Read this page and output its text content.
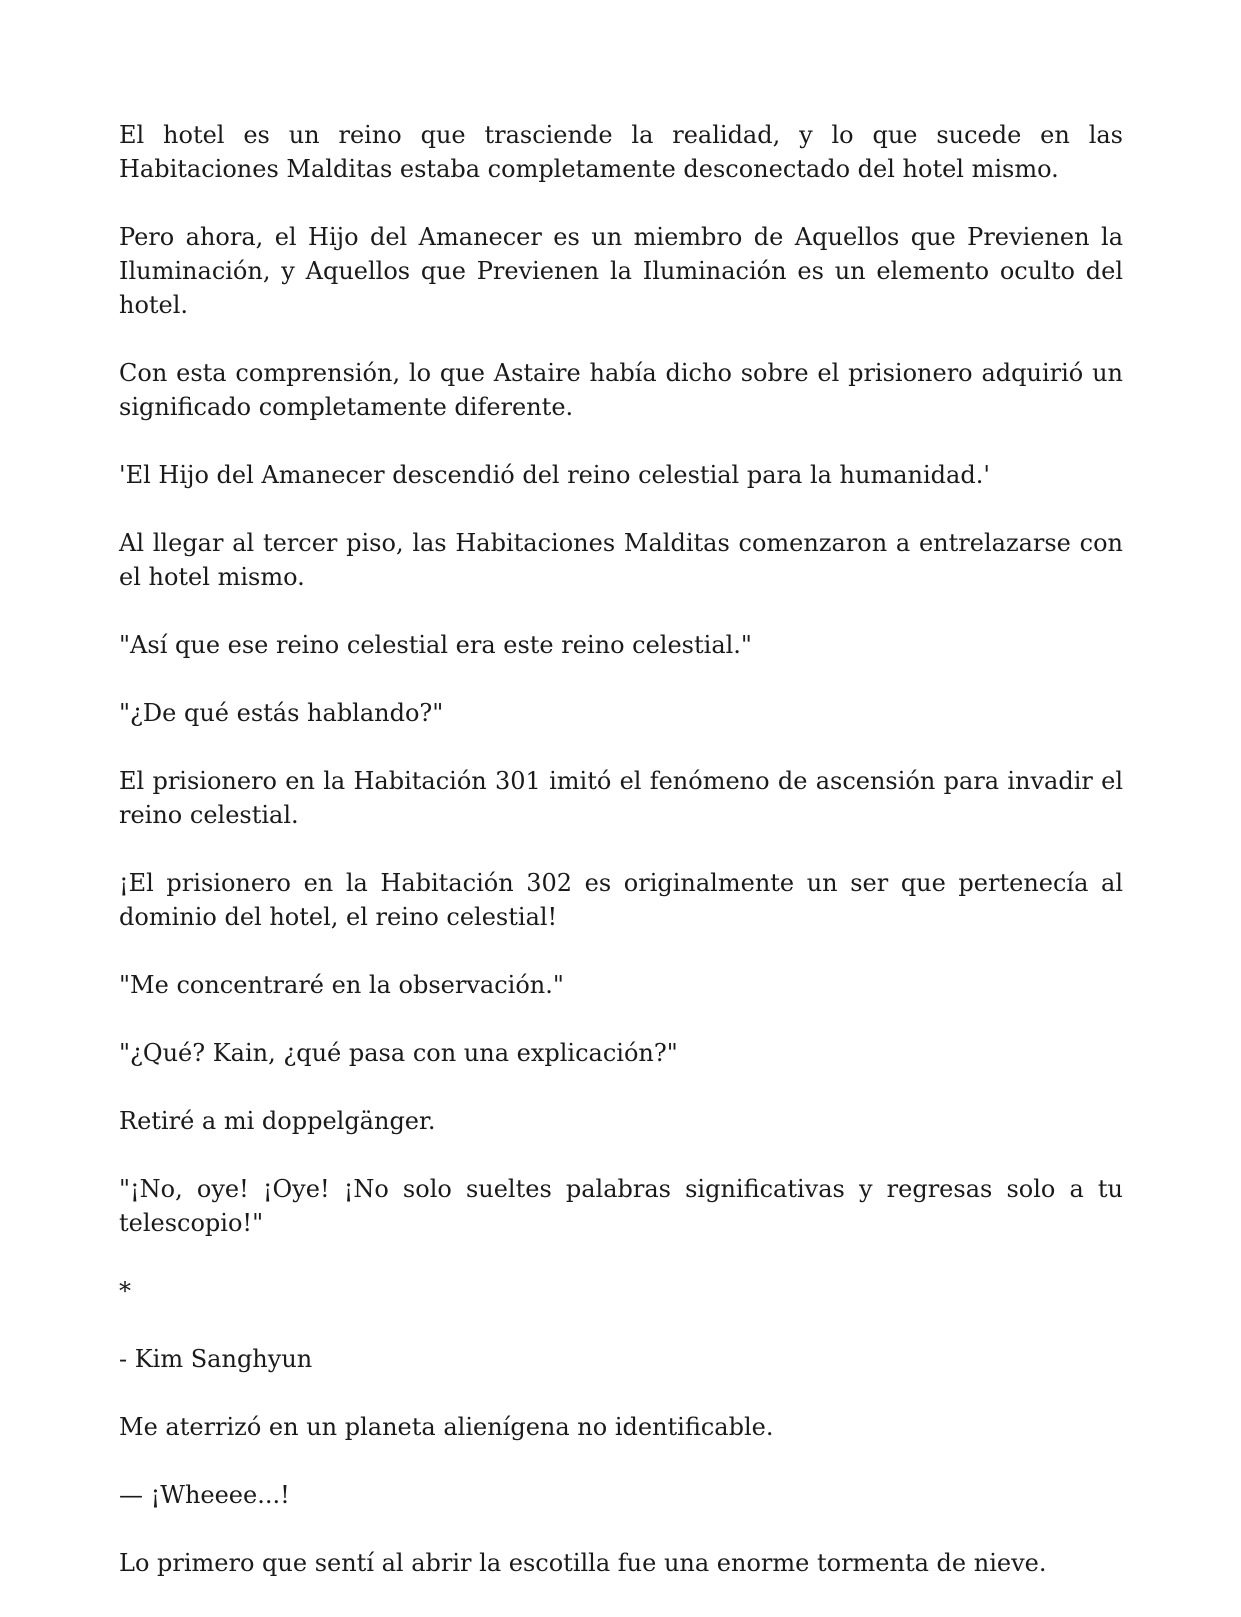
El hotel es un reino que trasciende la realidad, y lo que sucede en las Habitaciones Malditas estaba completamente desconectado del hotel mismo.

Pero ahora, el Hijo del Amanecer es un miembro de Aquellos que Previenen la Iluminación, y Aquellos que Previenen la Iluminación es un elemento oculto del hotel.

Con esta comprensión, lo que Astaire había dicho sobre el prisionero adquirió un significado completamente diferente.

'El Hijo del Amanecer descendió del reino celestial para la humanidad.'

Al llegar al tercer piso, las Habitaciones Malditas comenzaron a entrelazarse con el hotel mismo.

"Así que ese reino celestial era este reino celestial."

"¿De qué estás hablando?"

El prisionero en la Habitación 301 imitó el fenómeno de ascensión para invadir el reino celestial.

¡El prisionero en la Habitación 302 es originalmente un ser que pertenecía al dominio del hotel, el reino celestial!

"Me concentraré en la observación."

"¿Qué? Kain, ¿qué pasa con una explicación?"

Retiré a mi doppelgänger.

"¡No, oye! ¡Oye! ¡No solo sueltes palabras significativas y regresas solo a tu telescopio!"

*

- Kim Sanghyun

Me aterrizó en un planeta alienígena no identificable.

— ¡Wheeee...!

Lo primero que sentí al abrir la escotilla fue una enorme tormenta de nieve.
